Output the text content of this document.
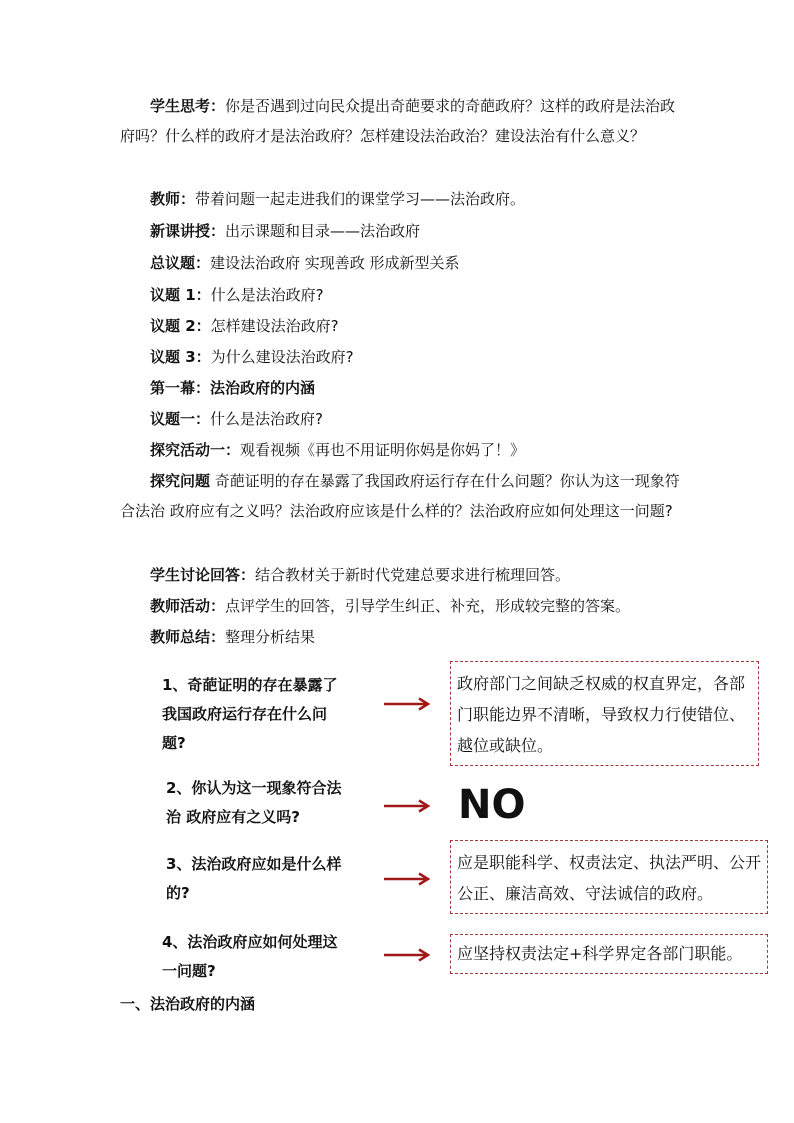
学生思考：你是否遇到过向民众提出奇葩要求的奇葩政府？这样的政府是法治政府吗？什么样的政府才是法治政府？怎样建设法治政治？建设法治有什么意义？

教师：带着问题一起走进我们的课堂学习——法治政府。

新课讲授：出示课题和目录——法治政府

总议题：建设法治政府 实现善政 形成新型关系

议题 1：什么是法治政府?

议题 2：怎样建设法治政府?

议题 3：为什么建设法治政府?

第一幕：法治政府的内涵

议题一：什么是法治政府?

探究活动一：观看视频《再也不用证明你妈是你妈了！》

探究问题 奇葩证明的存在暴露了我国政府运行存在什么问题？你认为这一现象符合法治 政府应有之义吗？法治政府应该是什么样的？法治政府应如何处理这一问题?

学生讨论回答：结合教材关于新时代党建总要求进行梳理回答。

教师活动：点评学生的回答，引导学生纠正、补充，形成较完整的答案。

教师总结：整理分析结果

1、奇葩证明的存在暴露了我国政府运行存在什么问题?
政府部门之间缺乏权威的权直界定，各部门职能边界不清晰，导致权力行使错位、越位或缺位。
2、你认为这一现象符合法治 政府应有之义吗?	NO
3、法治政府应如是什么样的?
应是职能科学、权责法定、执法严明、公开公正、廉洁高效、守法诚信的政府。
4、法治政府应如何处理这一问题?
应坚持权责法定+科学界定各部门职能。
一、法治政府的内涵
